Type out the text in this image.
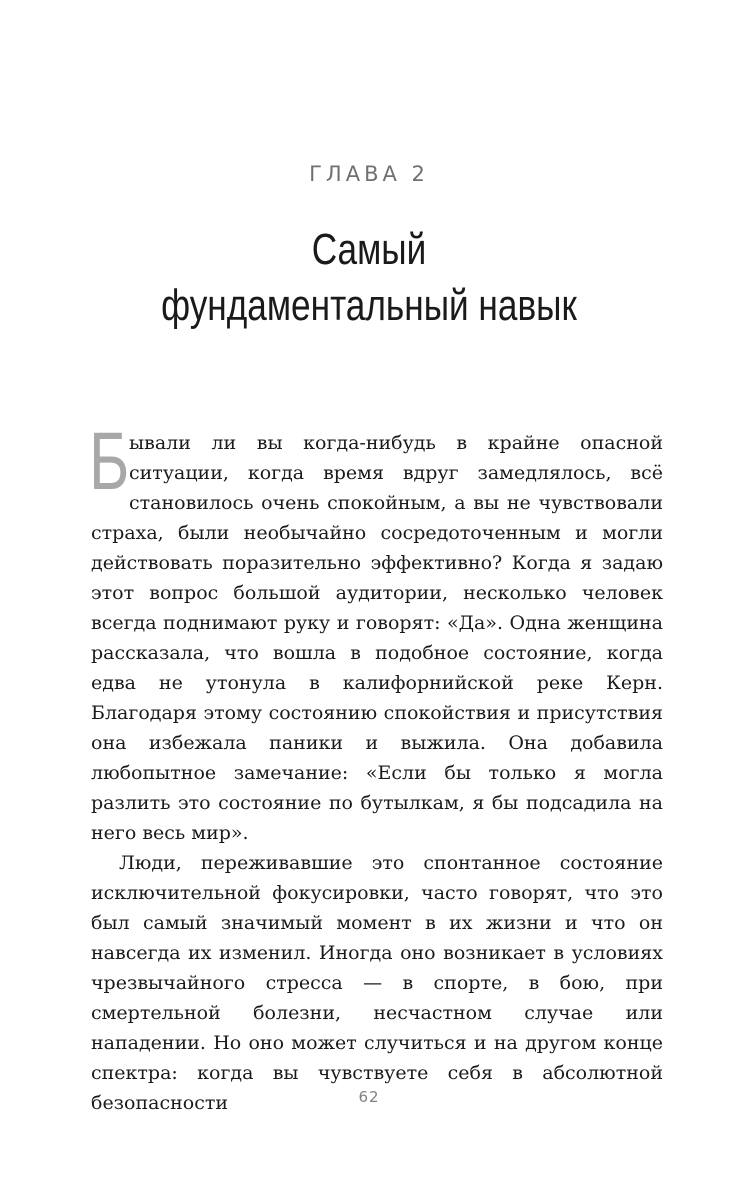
ГЛАВА 2

Самый
фундаментальный навык

Бывали ли вы когда-нибудь в крайне опасной ситуации, когда время вдруг замедлялось, всё становилось очень спокойным, а вы не чувствовали страха, были необычайно сосредоточенным и могли действовать поразительно эффективно? Когда я задаю этот вопрос большой аудитории, несколько человек всегда поднимают руку и говорят: «Да». Одна женщина рассказала, что вошла в подобное состояние, когда едва не утонула в калифорнийской реке Керн. Благодаря этому состоянию спокойствия и присутствия она избежала паники и выжила. Она добавила любопытное замечание: «Если бы только я могла разлить это состояние по бутылкам, я бы подсадила на него весь мир».

Люди, переживавшие это спонтанное состояние исключительной фокусировки, часто говорят, что это был самый значимый момент в их жизни и что он навсегда их изменил. Иногда оно возникает в условиях чрезвычайного стресса — в спорте, в бою, при смертельной болезни, несчастном случае или нападении. Но оно может случиться и на другом конце спектра: когда вы чувствуете себя в абсолютной безопасности	62
